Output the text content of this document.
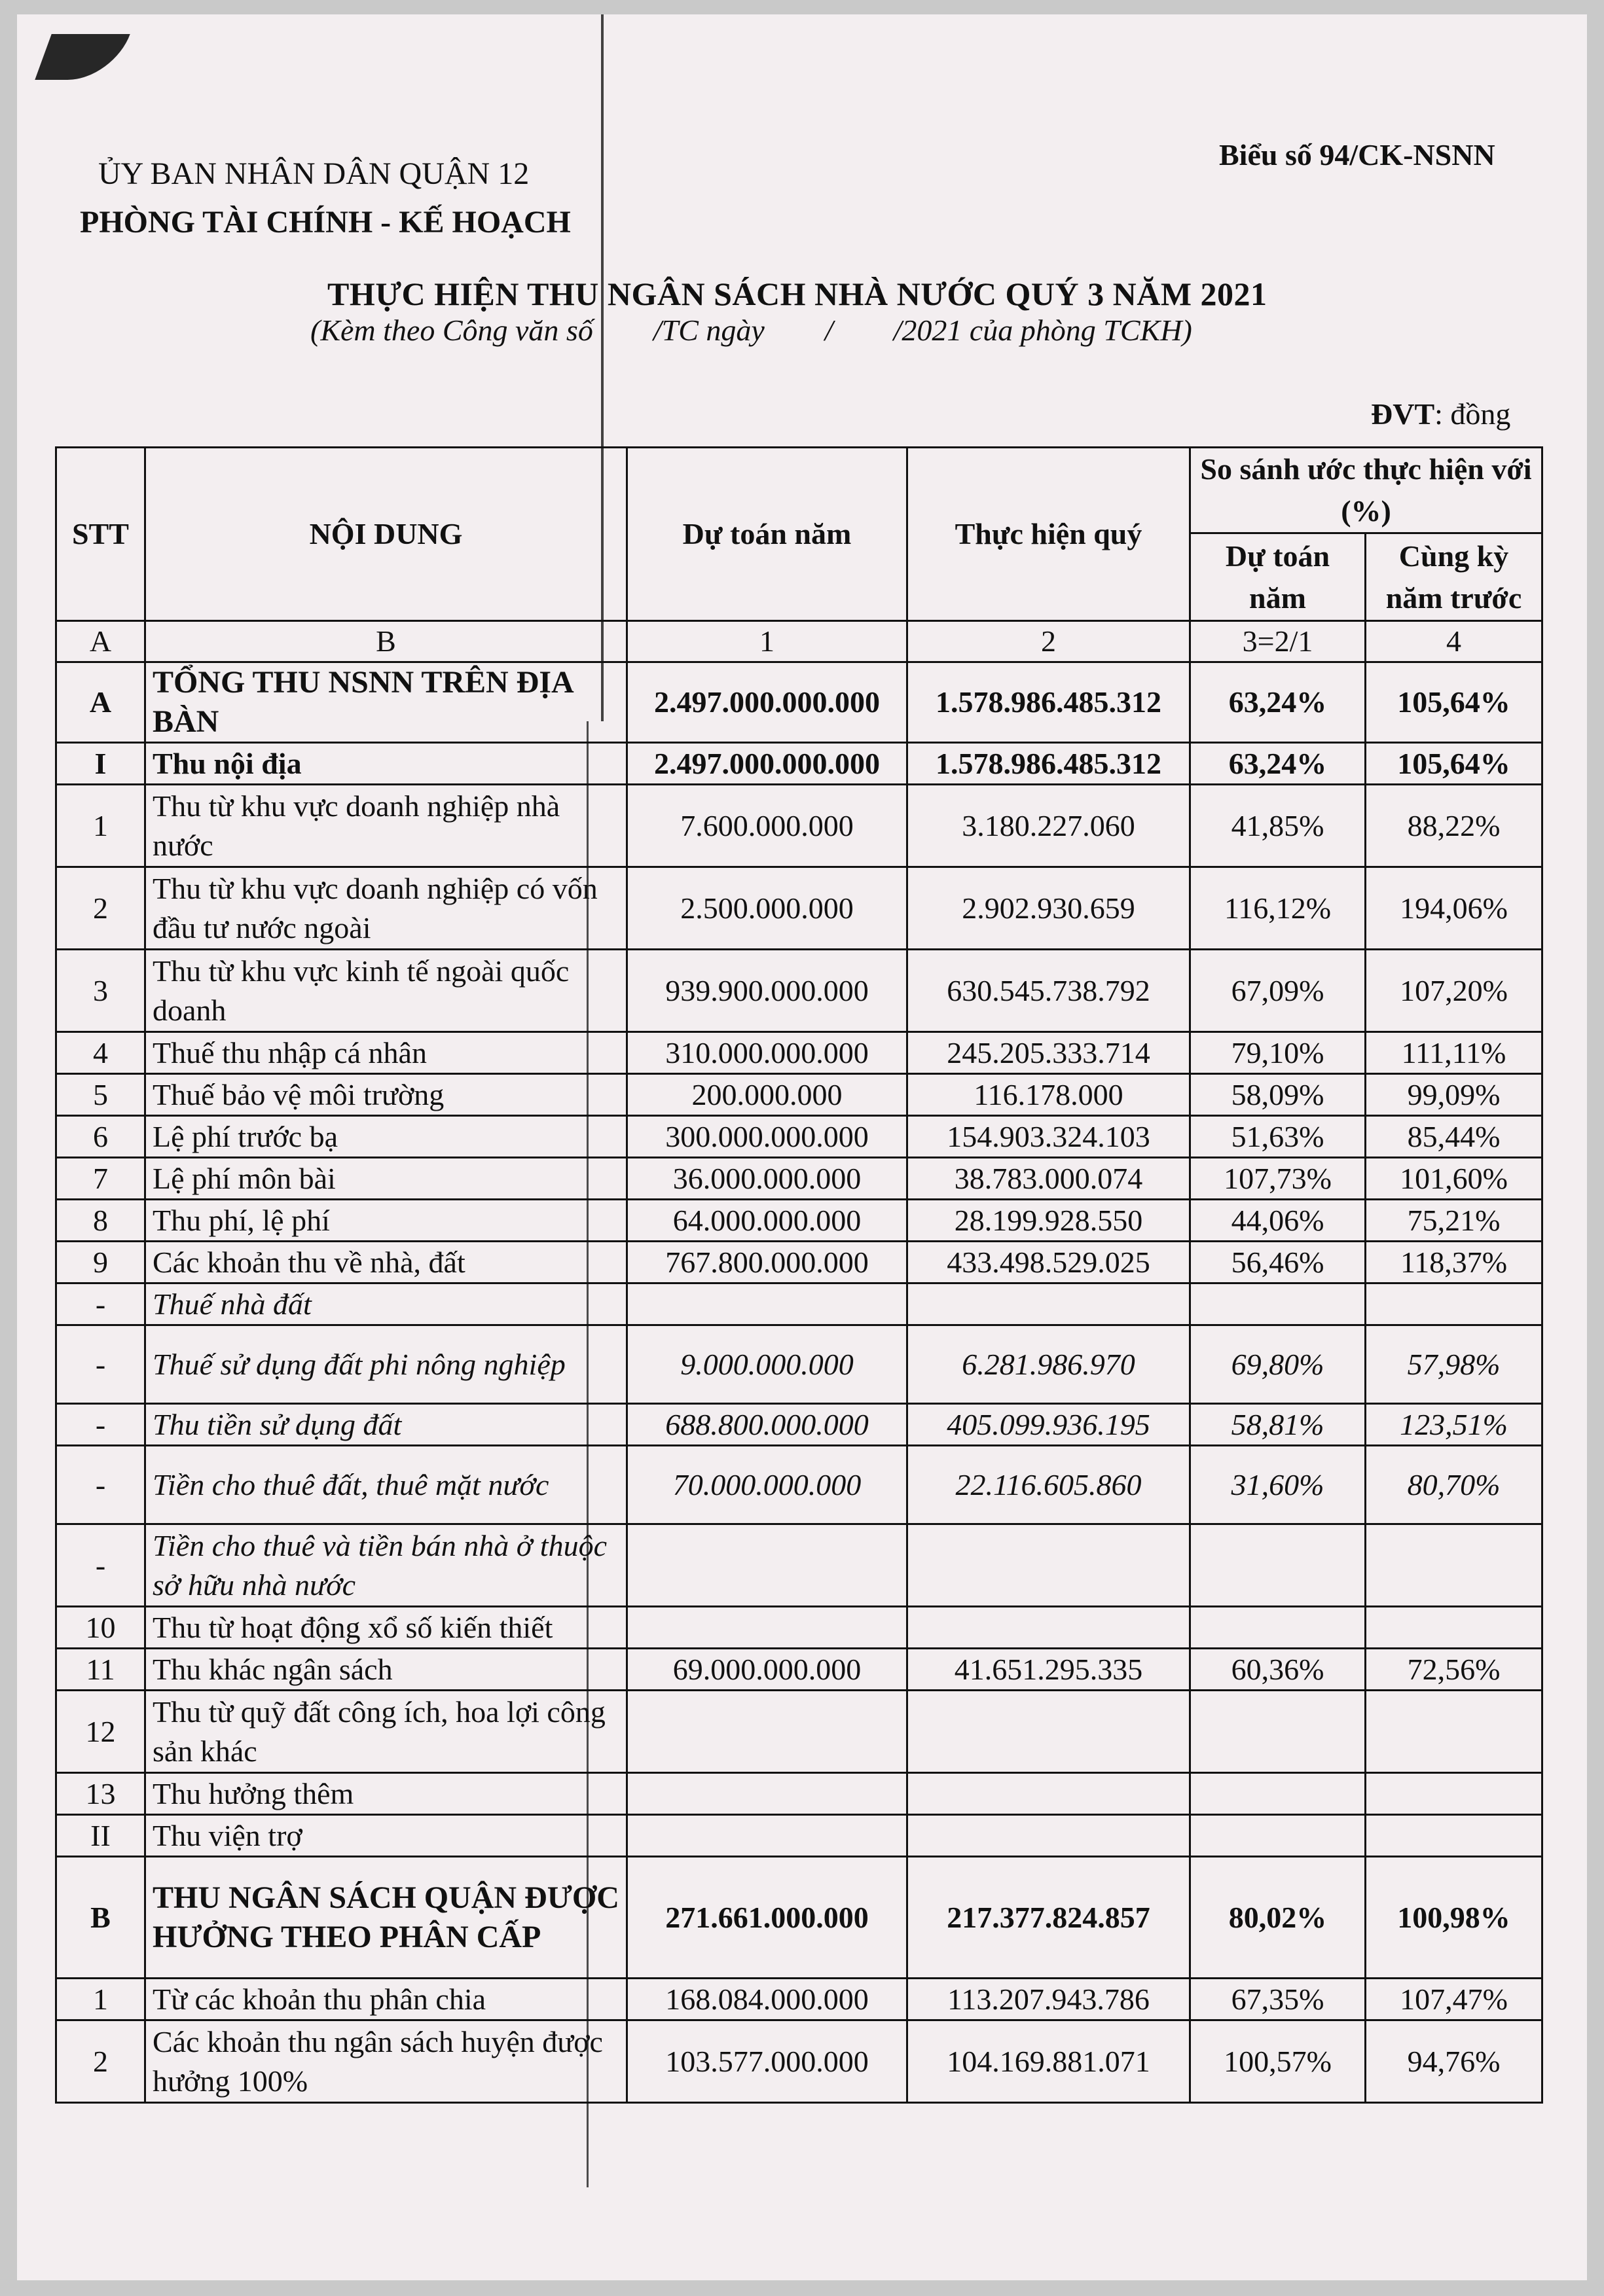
ỦY BAN NHÂN DÂN QUẬN 12
PHÒNG TÀI CHÍNH - KẾ HOẠCH
Biểu số 94/CK-NSNN
THỰC HIỆN THU NGÂN SÁCH NHÀ NƯỚC QUÝ 3 NĂM 2021
(Kèm theo Công văn số        /TC ngày        /        /2021 của phòng TCKH)
ĐVT: đồng
STT	NỘI DUNG	Dự toán năm	Thực hiện quý	So sánh ước thực hiện với (%)	
				Dự toán năm	Cùng kỳ năm trước
A	B	1	2	3=2/1	4
A	TỔNG THU NSNN TRÊN ĐỊA BÀN	2.497.000.000.000	1.578.986.485.312	63,24%	105,64%
I	Thu nội địa	2.497.000.000.000	1.578.986.485.312	63,24%	105,64%
1	Thu từ khu vực doanh nghiệp nhà nước	7.600.000.000	3.180.227.060	41,85%	88,22%
2	Thu từ khu vực doanh nghiệp có vốn đầu tư nước ngoài	2.500.000.000	2.902.930.659	116,12%	194,06%
3	Thu từ khu vực kinh tế ngoài quốc doanh	939.900.000.000	630.545.738.792	67,09%	107,20%
4	Thuế thu nhập cá nhân	310.000.000.000	245.205.333.714	79,10%	111,11%
5	Thuế bảo vệ môi trường	200.000.000	116.178.000	58,09%	99,09%
6	Lệ phí trước bạ	300.000.000.000	154.903.324.103	51,63%	85,44%
7	Lệ phí môn bài	36.000.000.000	38.783.000.074	107,73%	101,60%
8	Thu phí, lệ phí	64.000.000.000	28.199.928.550	44,06%	75,21%
9	Các khoản thu về nhà, đất	767.800.000.000	433.498.529.025	56,46%	118,37%
-	Thuế nhà đất				
-	Thuế sử dụng đất phi nông nghiệp	9.000.000.000	6.281.986.970	69,80%	57,98%
-	Thu tiền sử dụng đất	688.800.000.000	405.099.936.195	58,81%	123,51%
-	Tiền cho thuê đất, thuê mặt nước	70.000.000.000	22.116.605.860	31,60%	80,70%
-	Tiền cho thuê và tiền bán nhà ở thuộc sở hữu nhà nước				
10	Thu từ hoạt động xổ số kiến thiết				
11	Thu khác ngân sách	69.000.000.000	41.651.295.335	60,36%	72,56%
12	Thu từ quỹ đất công ích, hoa lợi công sản khác				
13	Thu hưởng thêm				
II	Thu viện trợ				
B	THU NGÂN SÁCH QUẬN ĐƯỢC HƯỞNG THEO PHÂN CẤP	271.661.000.000	217.377.824.857	80,02%	100,98%
1	Từ các khoản thu phân chia	168.084.000.000	113.207.943.786	67,35%	107,47%
2	Các khoản thu ngân sách huyện được hưởng 100%	103.577.000.000	104.169.881.071	100,57%	94,76%
